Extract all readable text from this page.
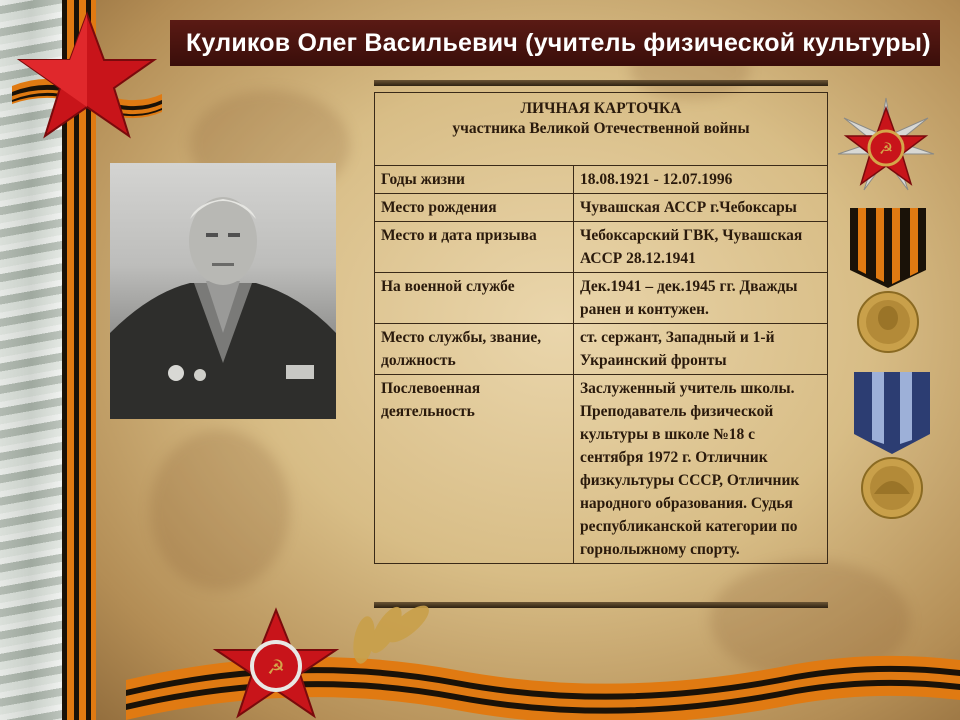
Куликов Олег Васильевич (учитель физической культуры)
ЛИЧНАЯ КАРТОЧКА
участника Великой Отечественной войны	

Годы жизни	18.08.1921 - 12.07.1996
Место рождения	Чувашская АССР г.Чебоксары
Место и дата призыва	Чебоксарский ГВК, Чувашская АССР 28.12.1941
На военной службе	Дек.1941 – дек.1945 гг. Дважды ранен и контужен.
Место службы, звание, должность	ст. сержант, Западный и 1-й Украинский фронты
Послевоенная деятельность	Заслуженный учитель школы. Преподаватель физической культуры в школе №18 с сентября 1972 г. Отличник физкультуры СССР, Отличник народного образования. Судья республиканской категории по горнолыжному спорту.
☭
☭
